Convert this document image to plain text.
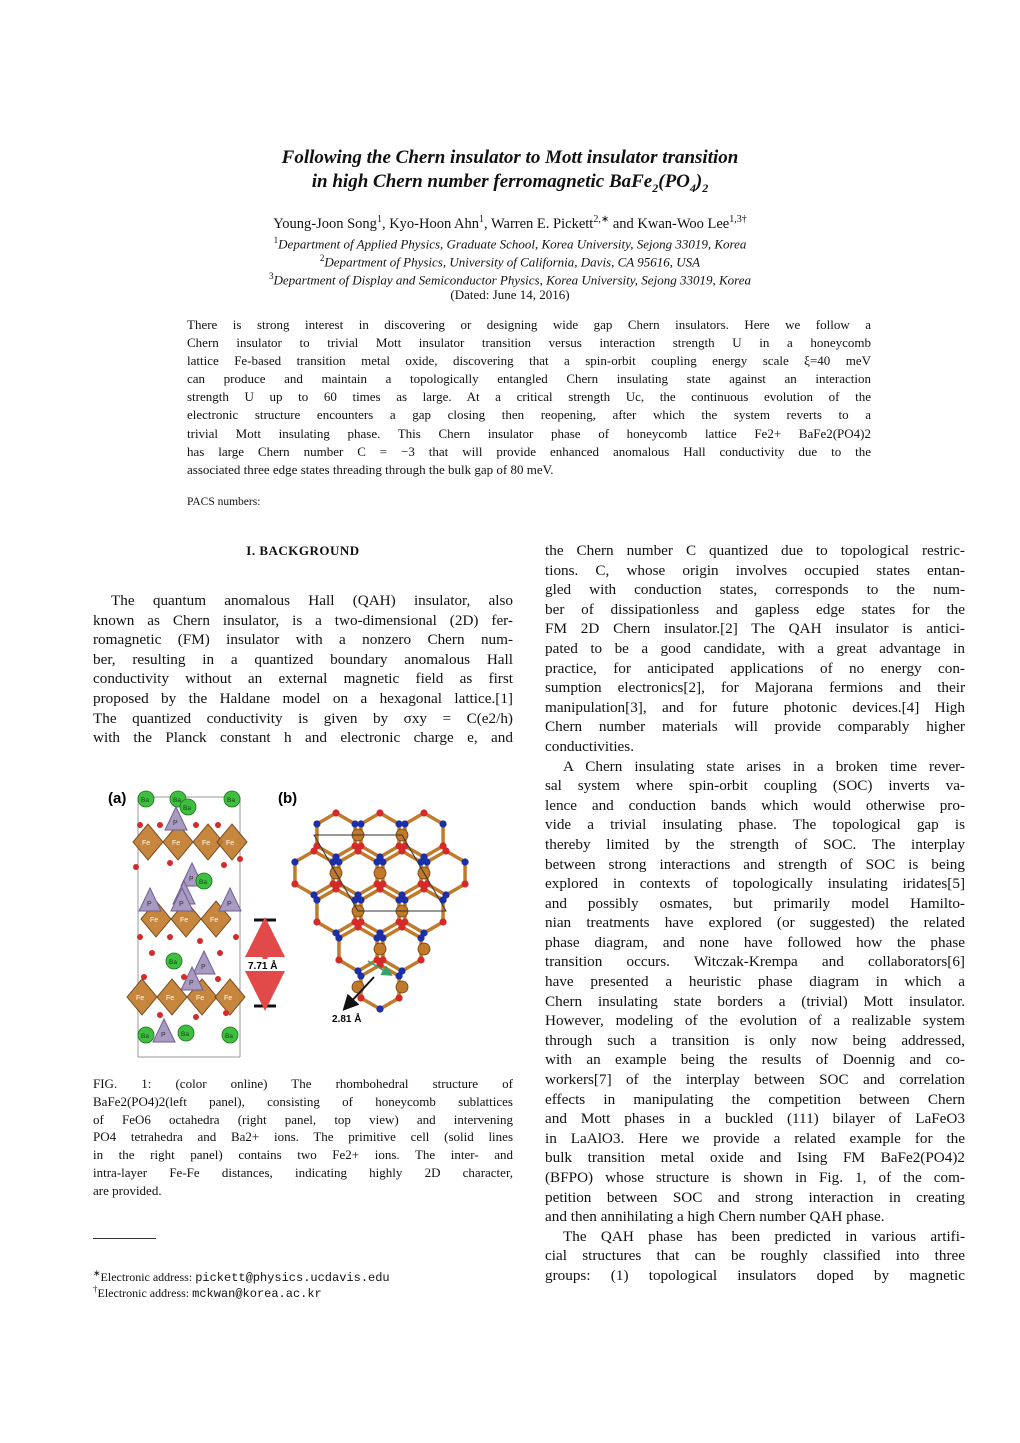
Following the Chern insulator to Mott insulator transition
in high Chern number ferromagnetic $BaFe_2(PO_4)_2$
Young-Joon Song$^1$, Kyo-Hoon Ahn$^1$, Warren E. Pickett$^{2,∗}$ and Kwan-Woo Lee$^{1,3\dagger}$
$^1$Department of Applied Physics, Graduate School, Korea University, Sejong 33019, Korea
$^2$Department of Physics, University of California, Davis, CA 95616, USA
$^3$Department of Display and Semiconductor Physics, Korea University, Sejong 33019, Korea
(Dated: June 14, 2016)
There is strong interest in discovering or designing wide gap Chern insulators. Here we follow a
Chern insulator to trivial Mott insulator transition versus interaction strength U in a honeycomb
lattice Fe-based transition metal oxide, discovering that a spin-orbit coupling energy scale ξ=40 meV
can produce and maintain a topologically entangled Chern insulating state against an interaction
strength U up to 60 times as large. At a critical strength Uc, the continuous evolution of the
electronic structure encounters a gap closing then reopening, after which the system reverts to a
trivial Mott insulating phase. This Chern insulator phase of honeycomb lattice Fe2+ BaFe2(PO4)2
has large Chern number C = −3 that will provide enhanced anomalous Hall conductivity due to the
associated three edge states threading through the bulk gap of 80 meV.
PACS numbers:
I. BACKGROUND
The quantum anomalous Hall (QAH) insulator, also
known as Chern insulator, is a two-dimensional (2D) fer-
romagnetic (FM) insulator with a nonzero Chern num-
ber, resulting in a quantized boundary anomalous Hall
conductivity without an external magnetic field as first
proposed by the Haldane model on a hexagonal lattice.[1]
The quantized conductivity is given by σxy = C(e2/h)
with the Planck constant h and electronic charge e, and
(a)	(b)
Fe	Fe	Fe Fe
Fe	Fe	Fe
Fe	Fe	Fe	Fe
P
P
P
P
P
P	P
P
Ba	Ba
Ba
Ba
Ba
Ba
Ba	Ba	Ba
7.71 Å
2.81 Å
FIG. 1: (color online) The rhombohedral structure of
BaFe2(PO4)2(left panel), consisting of honeycomb sublattices
of FeO6 octahedra (right panel, top view) and intervening
PO4 tetrahedra and Ba2+ ions. The primitive cell (solid lines
in the right panel) contains two Fe2+ ions. The inter- and
intra-layer Fe-Fe distances, indicating highly 2D character,
are provided.
∗Electronic address: pickett@physics.ucdavis.edu
†Electronic address: mckwan@korea.ac.kr
the Chern number C quantized due to topological restric-
tions. C, whose origin involves occupied states entan-
gled with conduction states, corresponds to the num-
ber of dissipationless and gapless edge states for the
FM 2D Chern insulator.[2] The QAH insulator is antici-
pated to be a good candidate, with a great advantage in
practice, for anticipated applications of no energy con-
sumption electronics[2], for Majorana fermions and their
manipulation[3], and for future photonic devices.[4] High
Chern number materials will provide comparably higher
conductivities.
A Chern insulating state arises in a broken time rever-
sal system where spin-orbit coupling (SOC) inverts va-
lence and conduction bands which would otherwise pro-
vide a trivial insulating phase. The topological gap is
thereby limited by the strength of SOC. The interplay
between strong interactions and strength of SOC is being
explored in contexts of topologically insulating iridates[5]
and possibly osmates, but primarily model Hamilto-
nian treatments have explored (or suggested) the related
phase diagram, and none have followed how the phase
transition occurs. Witczak-Krempa and collaborators[6]
have presented a heuristic phase diagram in which a
Chern insulating state borders a (trivial) Mott insulator.
However, modeling of the evolution of a realizable system
through such a transition is only now being addressed,
with an example being the results of Doennig and co-
workers[7] of the interplay between SOC and correlation
effects in manipulating the competition between Chern
and Mott phases in a buckled (111) bilayer of LaFeO3
in LaAlO3. Here we provide a related example for the
bulk transition metal oxide and Ising FM BaFe2(PO4)2
(BFPO) whose structure is shown in Fig. 1, of the com-
petition between SOC and strong interaction in creating
and then annihilating a high Chern number QAH phase.
The QAH phase has been predicted in various artifi-
cial structures that can be roughly classified into three
groups: (1) topological insulators doped by magnetic
